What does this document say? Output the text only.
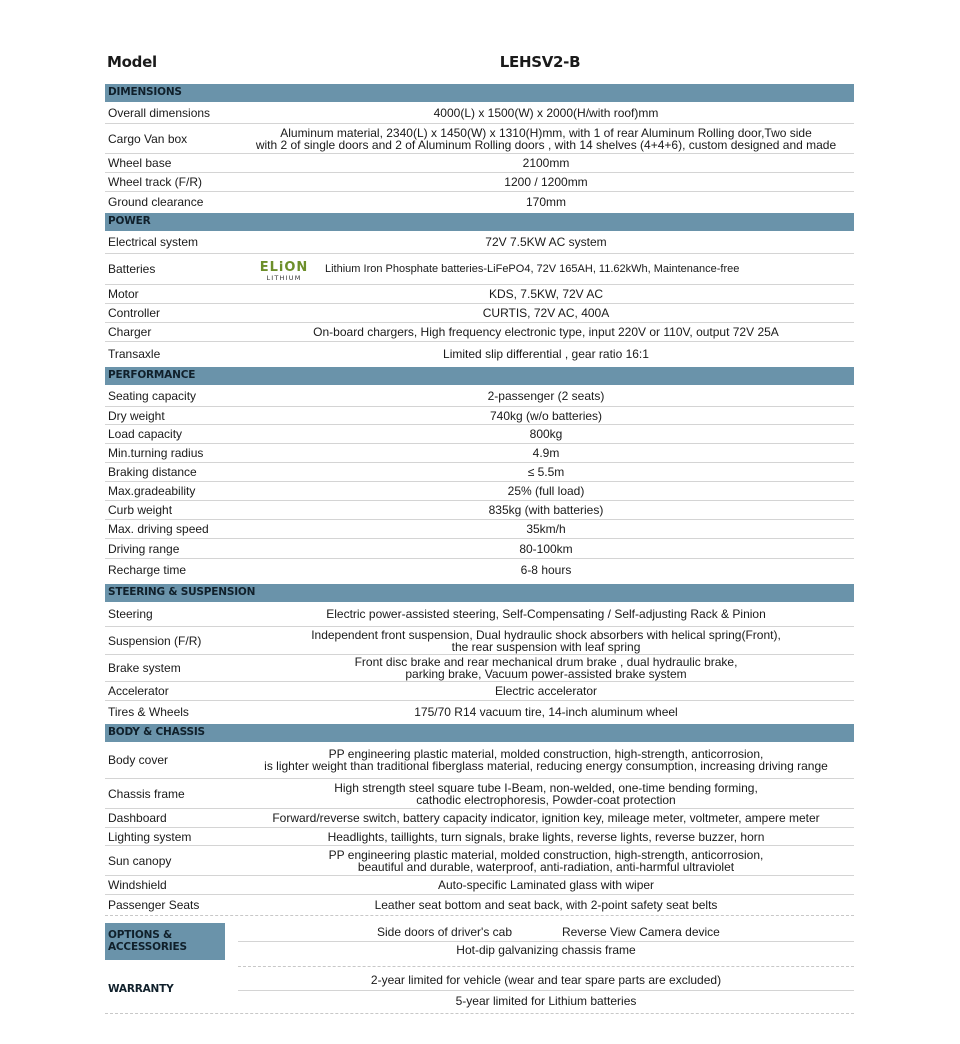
Model	LEHSV2-B
DIMENSIONS
Overall dimensions	4000(L) x 1500(W) x 2000(H/with roof)mm
Cargo Van box	Aluminum material, 2340(L) x 1450(W) x 1310(H)mm, with 1 of rear Aluminum Rolling door,Two side
with 2 of single doors and 2 of Aluminum Rolling doors , with 14 shelves (4+4+6), custom designed and made
Wheel base	2100mm
Wheel track (F/R)	1200 / 1200mm
Ground clearance	170mm
POWER
Electrical system	72V 7.5KW AC system
Batteries	ELiON
LITHIUM
Lithium Iron Phosphate batteries-LiFePO4, 72V 165AH, 11.62kWh, Maintenance-free
Motor	KDS, 7.5KW, 72V AC
Controller	CURTIS, 72V AC, 400A
Charger	On-board chargers, High frequency electronic type, input 220V or 110V, output 72V 25A
Transaxle	Limited slip differential , gear ratio 16:1
PERFORMANCE
Seating capacity	2-passenger (2 seats)
Dry weight	740kg (w/o batteries)
Load capacity	800kg
Min.turning radius	4.9m
Braking distance	≤ 5.5m
Max.gradeability	25% (full load)
Curb weight	835kg (with batteries)
Max. driving speed	35km/h
Driving range	80-100km
Recharge time	6-8 hours
STEERING & SUSPENSION
Steering	Electric power-assisted steering, Self-Compensating / Self-adjusting Rack & Pinion
Suspension (F/R)	Independent front suspension, Dual hydraulic shock absorbers with helical spring(Front),
the rear suspension with leaf spring
Brake system	Front disc brake and rear mechanical drum brake , dual hydraulic brake,
parking brake, Vacuum power-assisted brake system
Accelerator	Electric accelerator
Tires & Wheels	175/70 R14 vacuum tire, 14-inch aluminum wheel
BODY & CHASSIS
Body cover	PP engineering plastic material, molded construction, high-strength, anticorrosion,
is lighter weight than traditional fiberglass material, reducing energy consumption, increasing driving range
Chassis frame	High strength steel square tube I-Beam, non-welded, one-time bending forming,
cathodic electrophoresis, Powder-coat protection
Dashboard	Forward/reverse switch, battery capacity indicator, ignition key, mileage meter, voltmeter, ampere meter
Lighting system	Headlights, taillights, turn signals, brake lights, reverse lights, reverse buzzer, horn
Sun canopy	PP engineering plastic material, molded construction, high-strength, anticorrosion,
beautiful and durable, waterproof, anti-radiation, anti-harmful ultraviolet
Windshield	Auto-specific Laminated glass with wiper
Passenger Seats	Leather seat bottom and seat back, with 2-point safety seat belts
OPTIONS &
ACCESSORIES
Side doors of driver's cab	Reverse View Camera device
Hot-dip galvanizing chassis frame
WARRANTY
2-year limited for vehicle (wear and tear spare parts are excluded)
5-year limited for Lithium batteries
